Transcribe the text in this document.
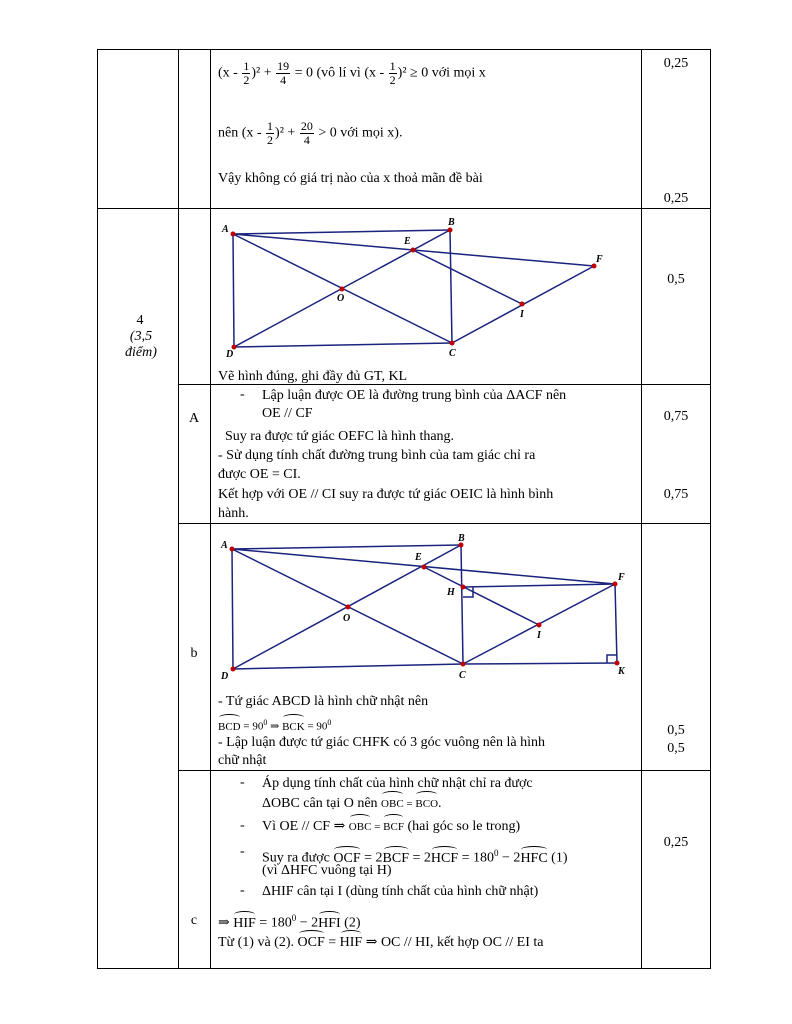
$(x - \frac{1}{2} )^2 + \frac{19}{4} = 0$ (vô lí vì $(x - \frac{1}{2} )^2 \ge 0$ với mọi x
nên $(x - \frac{1}{2} )^2 + \frac{20}{4} > 0$ với mọi x).
Vậy không có giá trị nào của x thoả mãn đề bài
0,25
0,25
4
(3,5
điểm)
A
B
C
D
E
F
O
I
Vẽ hình đúng, ghi đầy đủ GT, KL
0,5
A
- Lập luận được OE là đường trung bình của ΔACF nên
OE // CF
Suy ra được tứ giác OEFC là hình thang.
- Sử dụng tính chất đường trung bình của tam giác chỉ ra
được OE = CI.
Kết hợp với OE // CI suy ra được tứ giác OEIC là hình bình
hành.
0,75
0,75
b
A
B
C
D
E
F
O
I
H
K
- Tứ giác ABCD là hình chữ nhật nên
BCD = $90^0$ ⇒ BCK = $90^0$
- Lập luận được tứ giác CHFK có 3 góc vuông nên là hình
chữ nhật
0,5
0,5
c
- Áp dụng tính chất của hình chữ nhật chỉ ra được
ΔOBC cân tại O nên OBC = BCO.
- Vì OE // CF ⇒ OBC = BCF (hai góc so le trong)
- Suy ra được OCF = $2BCF = 2HCF = 180^0 - 2HFC$ (1)
(vì ΔHFC vuông tại H)
- ΔHIF cân tại I (dùng tính chất của hình chữ nhật)
⇒ HIF = $180^0 - 2HFI$ (2)
Từ (1) và (2). OCF = HIF ⇒ OC // HI, kết hợp OC // EI ta
0,25
